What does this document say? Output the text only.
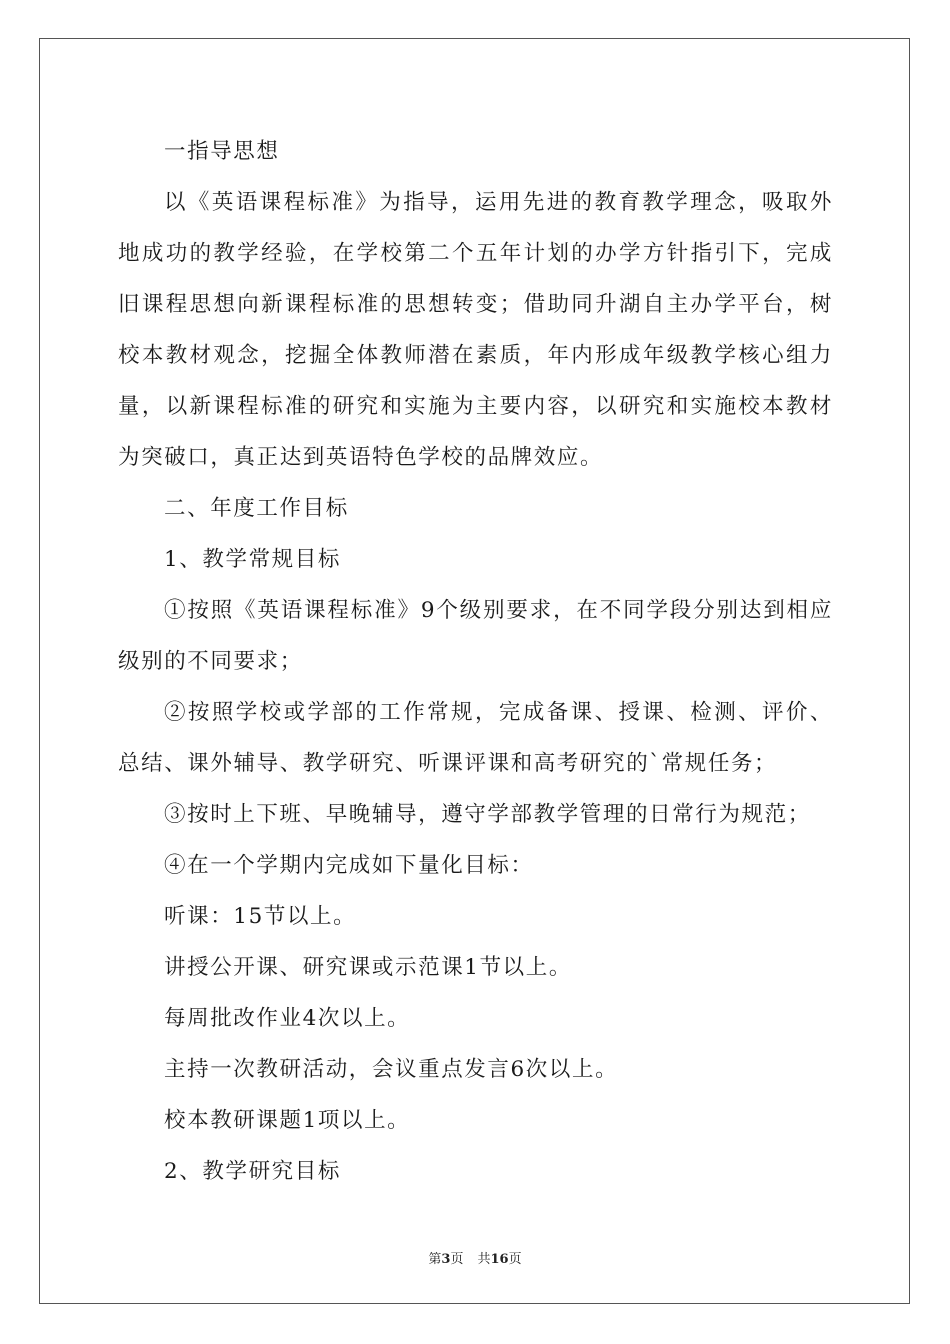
一指导思想

以《英语课程标准》为指导，运用先进的教育教学理念，吸取外地成功的教学经验，在学校第二个五年计划的办学方针指引下，完成旧课程思想向新课程标准的思想转变；借助同升湖自主办学平台，树校本教材观念，挖掘全体教师潜在素质，年内形成年级教学核心组力量，以新课程标准的研究和实施为主要内容，以研究和实施校本教材为突破口，真正达到英语特色学校的品牌效应。

二、年度工作目标

1、教学常规目标

①按照《英语课程标准》9个级别要求，在不同学段分别达到相应级别的不同要求；

②按照学校或学部的工作常规，完成备课、授课、检测、评价、总结、课外辅导、教学研究、听课评课和高考研究的`常规任务；

③按时上下班、早晚辅导，遵守学部教学管理的日常行为规范；

④在一个学期内完成如下量化目标：

听课：15节以上。

讲授公开课、研究课或示范课1节以上。

每周批改作业4次以上。

主持一次教研活动，会议重点发言6次以上。

校本教研课题1项以上。

2、教学研究目标

第3页 共16页
